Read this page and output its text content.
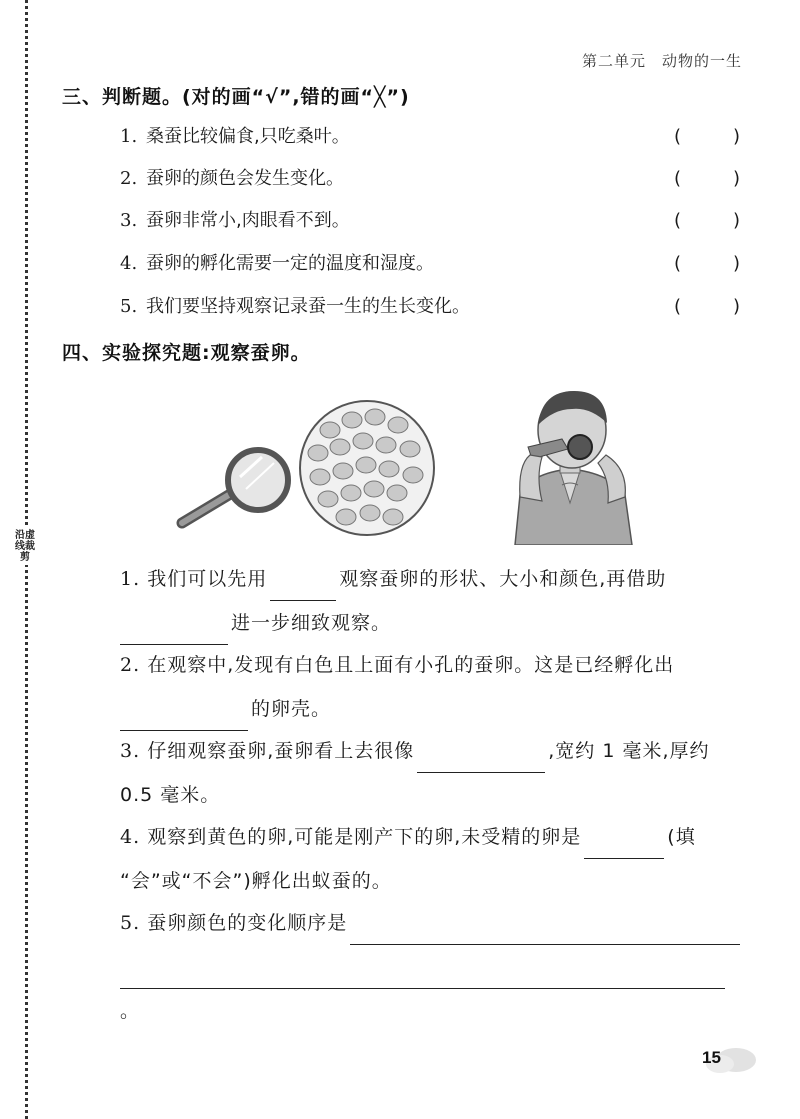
沿虚线裁剪
第二单元　动物的一生
三、判断题。(对的画“√”,错的画“╳”)
1. 桑蚕比较偏食,只吃桑叶。	(	)
2. 蚕卵的颜色会发生变化。	(	)
3. 蚕卵非常小,肉眼看不到。	(	)
4. 蚕卵的孵化需要一定的温度和湿度。	(	)
5. 我们要坚持观察记录蚕一生的生长变化。	(	)
四、实验探究题:观察蚕卵。
1. 我们可以先用	观察蚕卵的形状、大小和颜色,再借助
进一步细致观察。
2. 在观察中,发现有白色且上面有小孔的蚕卵。这是已经孵化出
的卵壳。
3. 仔细观察蚕卵,蚕卵看上去很像	,宽约 1 毫米,厚约
0.5 毫米。
4. 观察到黄色的卵,可能是刚产下的卵,未受精的卵是	(填
“会”或“不会”)孵化出蚁蚕的。
5. 蚕卵颜色的变化顺序是
。
15
